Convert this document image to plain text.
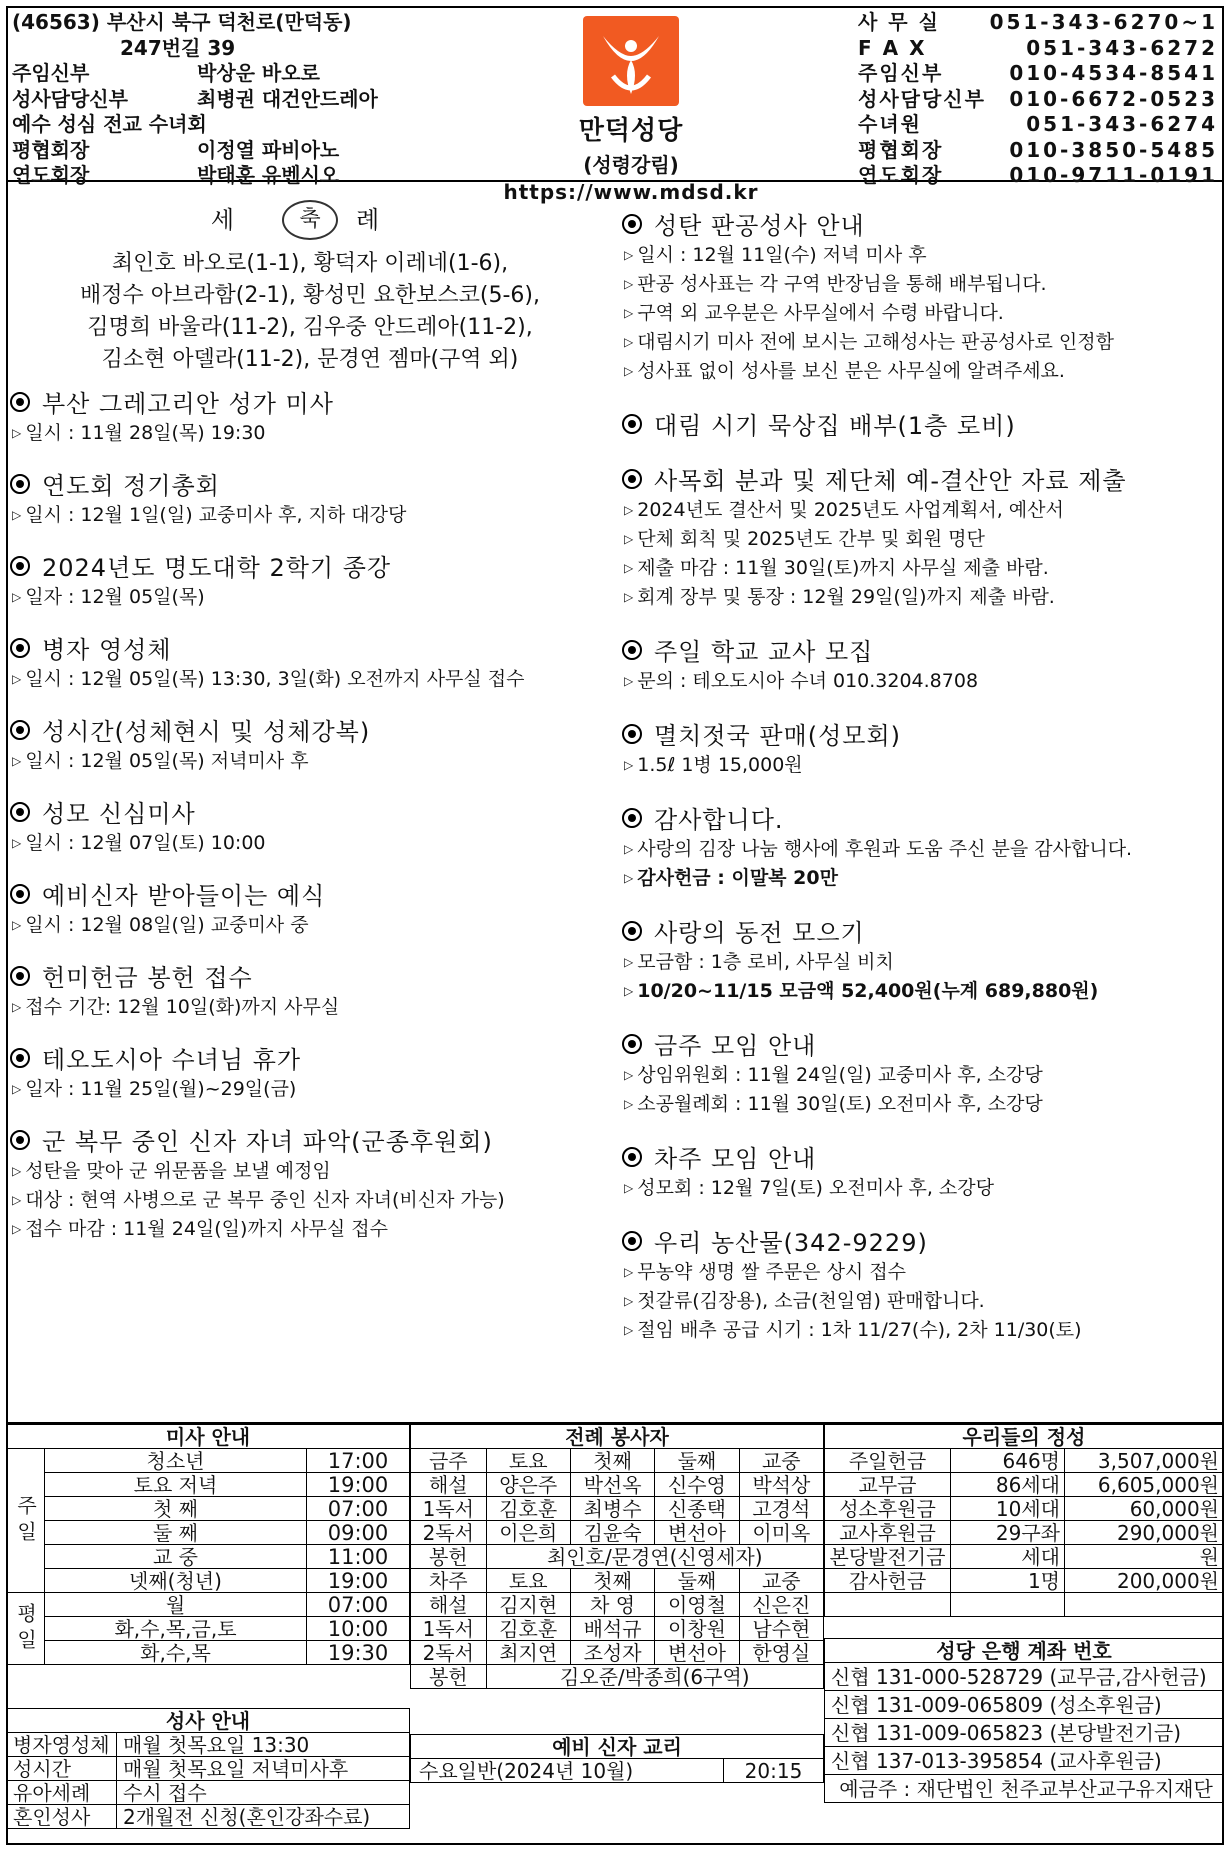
(46563) 부산시 북구 덕천로(만덕동)
247번길 39
주임신부	박상운 바오로
성사담당신부	최병권 대건안드레아
예수 성심 전교 수녀회
평협회장	이정열 파비아노
연도회장	박태훈 유벤시오
만덕성당
(성령강림)
https://www.mdsd.kr
사 무 실 051-343-6270~1
F A X	051-343-6272
주임신부	010-4534-8541
성사담당신부 010-6672-0523
수녀원	051-343-6274
평협회장	010-3850-5485
연도회장	010-9711-0191
세	축	례
최인호 바오로(1-1), 황덕자 이레네(1-6),
배정수 아브라함(2-1), 황성민 요한보스코(5-6),
김명희 바울라(11-2), 김우중 안드레아(11-2),
김소현 아델라(11-2), 문경연 젬마(구역 외)
부산 그레고리안 성가 미사
▷ 일시 : 11월 28일(목) 19:30
연도회 정기총회
▷ 일시 : 12월 1일(일) 교중미사 후, 지하 대강당
2024년도 명도대학 2학기 종강
▷ 일자 : 12월 05일(목)
병자 영성체
▷ 일시 : 12월 05일(목) 13:30, 3일(화) 오전까지 사무실 접수
성시간(성체현시 및 성체강복)
▷ 일시 : 12월 05일(목) 저녁미사 후
성모 신심미사
▷ 일시 : 12월 07일(토) 10:00
예비신자 받아들이는 예식
▷ 일시 : 12월 08일(일) 교중미사 중
헌미헌금 봉헌 접수
▷ 접수 기간: 12월 10일(화)까지 사무실
테오도시아 수녀님 휴가
▷ 일자 : 11월 25일(월)~29일(금)
군 복무 중인 신자 자녀 파악(군종후원회)
▷ 성탄을 맞아 군 위문품을 보낼 예정임
▷ 대상 : 현역 사병으로 군 복무 중인 신자 자녀(비신자 가능)
▷ 접수 마감 : 11월 24일(일)까지 사무실 접수
성탄 판공성사 안내
▷ 일시 : 12월 11일(수) 저녁 미사 후
▷ 판공 성사표는 각 구역 반장님을 통해 배부됩니다.
▷ 구역 외 교우분은 사무실에서 수령 바랍니다.
▷ 대림시기 미사 전에 보시는 고해성사는 판공성사로 인정함
▷ 성사표 없이 성사를 보신 분은 사무실에 알려주세요.
대림 시기 묵상집 배부(1층 로비)
사목회 분과 및 제단체 예-결산안 자료 제출
▷ 2024년도 결산서 및 2025년도 사업계획서, 예산서
▷ 단체 회칙 및 2025년도 간부 및 회원 명단
▷ 제출 마감 : 11월 30일(토)까지 사무실 제출 바람.
▷ 회계 장부 및 통장 : 12월 29일(일)까지 제출 바람.
주일 학교 교사 모집
▷ 문의 : 테오도시아 수녀 010.3204.8708
멸치젓국 판매(성모회)
▷ 1.5ℓ 1병 15,000원
감사합니다.
▷ 사랑의 김장 나눔 행사에 후원과 도움 주신 분을 감사합니다.
▷ 감사헌금 : 이말복 20만
사랑의 동전 모으기
▷ 모금함 : 1층 로비, 사무실 비치
▷ 10/20~11/15 모금액 52,400원(누계 689,880원)
금주 모임 안내
▷ 상임위원회 : 11월 24일(일) 교중미사 후, 소강당
▷ 소공월례회 : 11월 30일(토) 오전미사 후, 소강당
차주 모임 안내
▷ 성모회 : 12월 7일(토) 오전미사 후, 소강당
우리 농산물(342-9229)
▷ 무농약 생명 쌀 주문은 상시 접수
▷ 젓갈류(김장용), 소금(천일염) 판매합니다.
▷ 절임 배추 공급 시기 : 1차 11/27(수), 2차 11/30(토)
미사 안내		
주일	청소년	17:00
	토요 저녁	19:00
	첫 째	07:00
	둘 째	09:00
	교 중	11:00
	넷째(청년)	19:00
평일	월	07:00
	화,수,목,금,토	10:00
	화,수,목	19:30
전례 봉사자				
금주	토요	첫째	둘째	교중
해설	양은주	박선옥	신수영	박석상
1독서	김호훈	최병수	신종택	고경석
2독서	이은희	김윤숙	변선아	이미옥
봉헌	최인호/문경연(신영세자)			
차주	토요	첫째	둘째	교중
해설	김지현	차 영	이영철	신은진
1독서	김호훈	배석규	이창원	남수현
2독서	최지연	조성자	변선아	한영실
봉헌	김오준/박종희(6구역)			
우리들의 정성		
주일헌금	646명	3,507,000원
교무금	86세대	6,605,000원
성소후원금	10세대	60,000원
교사후원금	29구좌	290,000원
본당발전기금	세대	원
감사헌금	1명	200,000원

성당 은행 계좌 번호
신협 131-000-528729 (교무금,감사헌금)
신협 131-009-065809 (성소후원금)
신협 131-009-065823 (본당발전기금)
신협 137-013-395854 (교사후원금)
예금주 : 재단법인 천주교부산교구유지재단
성사 안내	
병자영성체	매월 첫목요일 13:30
성시간	매월 첫목요일 저녁미사후
유아세례	수시 접수
혼인성사	2개월전 신청(혼인강좌수료)
예비 신자 교리
수요일반(2024년 10월)	20:15
